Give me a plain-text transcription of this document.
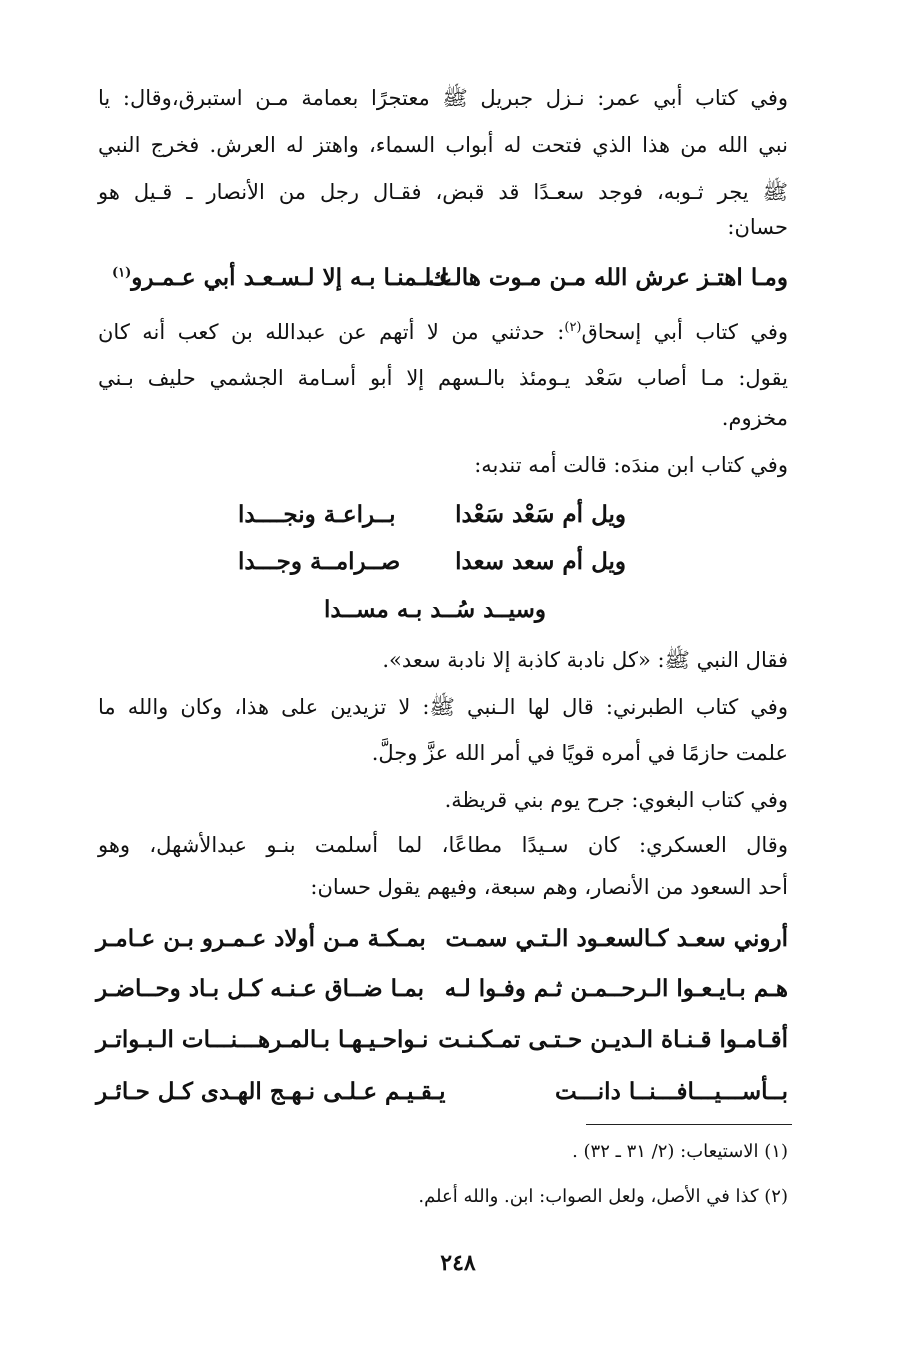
وفي كتاب أبي عمر: نـزل جبريل ﷺ معتجرًا بعمامة مـن استبرق،وقال: يا
نبي الله من هذا الذي فتحت له أبواب السماء، واهتز له العرش. فخرج النبي
ﷺ يجر ثـوبه، فوجد سعـدًا قد قبض، فقـال رجل من الأنصار ـ قـيل هو
حسان:
ومـا اهتـز عرش الله مـن مـوت هالـك
عـلـمنـا بـه إلا لـسـعـد أبي عـمـرو$^{(١)}$
وفي كتاب أبي إسحاق$^{(٢)}$: حدثني من لا أتهم عن عبدالله بن كعب أنه كان
يقول: مـا أصاب سَعْد يـومئذ بالـسهم إلا أبو أسـامة الجشمي حليف بـني
مخزوم.
وفي كتاب ابن مندَه: قالت أمه تندبه:
ويل أم سَعْد سَعْدا
بــراعـة ونجــــدا
ويل أم سعد سعدا
صــرامــة وجـــدا
وسيــد سُــد بـه مســدا
فقال النبي ﷺ: «كل نادبة كاذبة إلا نادبة سعد».
وفي كتاب الطبرني: قال لها الـنبي ﷺ: لا تزيدين على هذا، وكان والله ما
علمت حازمًا في أمره قويًا في أمر الله عزَّ وجلَّ.
وفي كتاب البغوي: جرح يوم بني قريظة.
وقال العسكري: كان سـيدًا مطاعًا، لما أسلمت بنـو عبدالأشهل، وهو
أحد السعود من الأنصار، وهم سبعة، وفيهم يقول حسان:
أروني سعـد كـالسعـود الـتـي سمـت
بمـكـة مـن أولاد عـمـرو بـن عـامـر
هـم بـايـعـوا الـرحــمـن ثـم وفـوا لـه
بمـا ضــاق عـنـه كـل بـاد وحــاضـر
أقـامـوا قـنـاة الـديـن حـتـى تمـكـنـت
نـواحـيـهـا بـالمـرهـــنـــات الـبـواتـر
بــأســـيـــافـــنــا دانـــت
يـقـيـم عـلـى نـهـج الهـدى كـل حـائـر
(١) الاستيعاب: (٢/ ٣١ ـ ٣٢) .
(٢) كذا في الأصل، ولعل الصواب: ابن. والله أعلم.
٢٤٨
